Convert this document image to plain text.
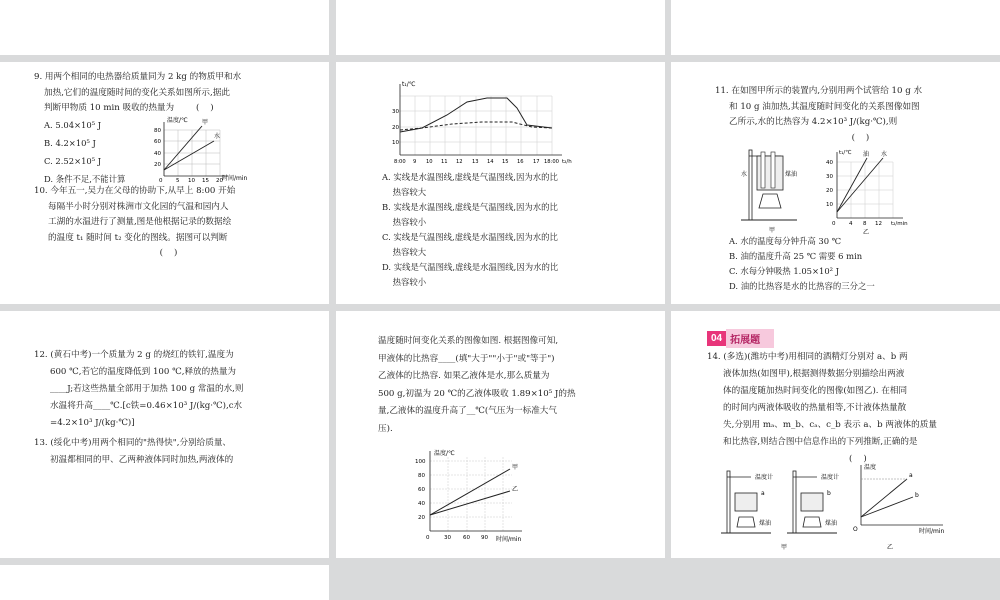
9. 用两个相同的电热器给质量同为 2 kg 的物质甲和水

加热,它们的温度随时间的变化关系如图所示,据此

判断甲物质 10 min 吸收的热量为        (    )

A. 5.04×10⁵ J

B. 4.2×10⁵ J

C. 2.52×10⁵ J

D. 条件不足,不能计算

温度/℃ 甲
水
80
60
40
20
0 5 10 15 20 时间/min

10. 今年五一,吴力在父母的协助下,从早上 8:00 开始

每隔半小时分别对株洲市文化园的气温和园内人

工湖的水温进行了测量,图是他根据记录的数据绘

的温度 t₁ 随时间 t₂ 变化的图线。据图可以判断

(    )

t₁/℃
30
20
10
8:00 9 10 11 12 13 14 15 16 17 18:00 t₂/h

A. 实线是水温图线,虚线是气温图线,因为水的比

热容较大

B. 实线是水温图线,虚线是气温图线,因为水的比

热容较小

C. 实线是气温图线,虚线是水温图线,因为水的比

热容较大

D. 实线是气温图线,虚线是水温图线,因为水的比

热容较小

11. 在如图甲所示的装置内,分别用两个试管给 10 g 水

和 10 g 油加热,其温度随时间变化的关系图像如图

乙所示,水的比热容为 4.2×10³ J/(kg·℃),则

(    )

水	煤油
甲
t₁/℃ 油 水
40
30
20
10
0 4 8 12 t₂/min
乙

A. 水的温度每分钟升高 30 ℃

B. 油的温度升高 25 ℃ 需要 6 min

C. 水每分钟吸热 1.05×10² J

D. 油的比热容是水的比热容的三分之一

12. (黄石中考)一个质量为 2 g 的烧红的铁钉,温度为

600 ℃,若它的温度降低到 100 ℃,释放的热量为

____J;若这些热量全部用于加热 100 g 常温的水,则

水温将升高____℃.[c铁=0.46×10³ J/(kg·℃),c水

=4.2×10³ J/(kg·℃)]

13. (绥化中考)用两个相同的"热得快",分别给质量、

初温都相同的甲、乙两种液体同时加热,两液体的

温度随时间变化关系的图像如图. 根据图像可知,

甲液体的比热容____(填"大于""小于"或"等于")

乙液体的比热容. 如果乙液体是水,那么质量为

500 g,初温为 20 ℃的乙液体吸收 1.89×10⁵ J的热

量,乙液体的温度升高了__℃(气压为一标准大气

压).

温度/℃
甲
乙
100
80
60
40
20
0	30 60 90 时间/min
04 拓展题

14. (多选)(潍坊中考)用相同的酒精灯分别对 a、b 两

液体加热(如图甲),根据测得数据分别描绘出两液

体的温度随加热时间变化的图像(如图乙). 在相同

的时间内两液体吸收的热量相等,不计液体热量散

失,分别用 mₐ、m_b、cₐ、c_b 表示 a、b 两液体的质量

和比热容,则结合图中信息作出的下列推断,正确的是

(    )

温度计
a
煤油
温度计
b
煤油
甲
温度
a
b
O	时间/min
乙
